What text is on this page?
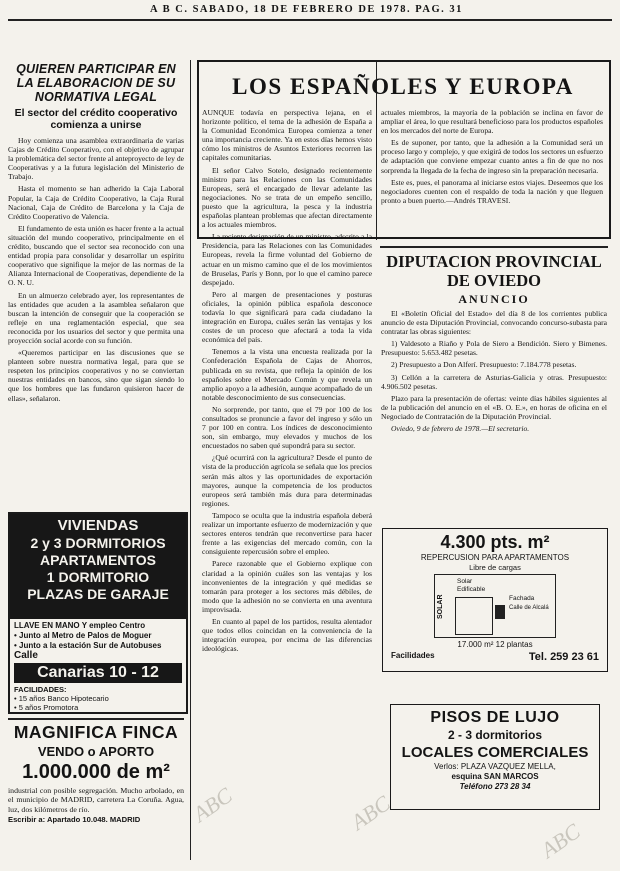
A B C. SABADO, 18 DE FEBRERO DE 1978. PAG. 31
QUIEREN PARTICIPAR EN LA ELABORACION DE SU NORMATIVA LEGAL
El sector del crédito cooperativo comienza a unirse

Hoy comienza una asamblea extraordinaria de varias Cajas de Crédito Cooperativo, con el objetivo de agrupar la problemática del sector frente al anteproyecto de ley de Cooperativas y a la futura legislación del Ministerio de Trabajo.

Hasta el momento se han adherido la Caja Laboral Popular, la Caja de Crédito Cooperativo, la Caja Rural Nacional, Caja de Crédito de Barcelona y la Caja de Crédito Cooperativo de Valencia.

El fundamento de esta unión es hacer frente a la actual situación del mundo cooperativo, principalmente en el crédito, buscando que el sector sea reconocido con una entidad propia para consolidar y desarrollar un espíritu cooperativo que signifique la mejor de las normas de la Alianza Internacional de Cooperativas, dependiente de la O. N. U.

En un almuerzo celebrado ayer, los representantes de las entidades que acuden a la asamblea señalaron que buscan la intención de conseguir que la cooperación se refleje en una reglamentación especial, que sea reconocida por los usuarios del sector y que permita una proyección social acorde con su función.

«Queremos participar en las discusiones que se planteen sobre nuestra normativa legal, para que se respeten los principios cooperativos y no se conviertan nuestras entidades en bancos, sino que sigan siendo lo que los hombres que las fundaron quisieron hacer de ellas», señalaron.

VIVIENDAS
2 y 3 DORMITORIOS
APARTAMENTOS
1 DORMITORIO
PLAZAS DE GARAJE
LLAVE EN MANO Y empleo Centro
• Junto al Metro de Palos de Moguer
• Junto a la estación Sur de Autobuses
Calle
Canarias 10 - 12
FACILIDADES:
• 15 años Banco Hipotecario
• 5 años Promotora
MAGNIFICA FINCA
VENDO o APORTO
1.000.000 de m²
industrial con posible segregación. Mucho arbolado, en el municipio de MADRID, carretera La Coruña. Agua, luz, dos kilómetros de río.
Escribir a: Apartado 10.048. MADRID
LOS ESPAÑOLES Y EUROPA

AUNQUE todavía en perspectiva lejana, en el horizonte político, el tema de la adhesión de España a la Comunidad Económica Europea comienza a tener una importancia creciente. Ya en estos días hemos visto cómo los ministros de Asuntos Exteriores recorren las capitales comunitarias.

El señor Calvo Sotelo, designado recientemente ministro para las Relaciones con las Comunidades Europeas, será el encargado de llevar adelante las negociaciones. No se trata de un empeño sencillo, puesto que la agricultura, la pesca y la industria españolas plantean problemas que afectan directamente a los actuales miembros.

La reciente designación de un ministro, adscrito a la Presidencia, para las Relaciones con las Comunidades Europeas, revela la firme voluntad del Gobierno de actuar en un mismo camino que el de los movimientos de Bruselas, París y Bonn, por lo que el camino parece despejado.

Pero al margen de presentaciones y posturas oficiales, la opinión pública española desconoce todavía lo que significará para cada ciudadano la integración en Europa, cuáles serán las ventajas y los costes de un proceso que afectará a toda la vida económica del país.

Tenemos a la vista una encuesta realizada por la Confederación Española de Cajas de Ahorros, publicada en su revista, que refleja la opinión de los españoles sobre el Mercado Común y que revela un amplio apoyo a la adhesión, aunque acompañado de un notable desconocimiento de sus consecuencias.

No sorprende, por tanto, que el 79 por 100 de los consultados se pronuncie a favor del ingreso y sólo un 7 por 100 en contra. Los índices de desconocimiento son, sin embargo, muy elevados y muchos de los encuestados no saben qué supondrá para su sector.

¿Qué ocurrirá con la agricultura? Desde el punto de vista de la producción agrícola se señala que los precios serán más altos y las oportunidades de exportación mayores, aunque la competencia de los productos europeos será también más dura para determinadas regiones.

Tampoco se oculta que la industria española deberá realizar un importante esfuerzo de modernización y que sectores enteros tendrán que reconvertirse para hacer frente a las exigencias del mercado común, con la consiguiente repercusión sobre el empleo.

Parece razonable que el Gobierno explique con claridad a la opinión cuáles son las ventajas y los inconvenientes de la integración y qué medidas se tomarán para proteger a los sectores más débiles, de modo que la adhesión no se convierta en una aventura improvisada.

En cuanto al papel de los partidos, resulta alentador que todos ellos coincidan en la conveniencia de la integración europea, por encima de las diferencias ideológicas.

actuales miembros, la mayoría de la población se inclina en favor de ampliar el área, lo que resultará beneficioso para los productos españoles en los mercados del norte de Europa.

Es de suponer, por tanto, que la adhesión a la Comunidad será un proceso largo y complejo, y que exigirá de todos los sectores un esfuerzo de adaptación que conviene empezar cuanto antes a fin de que no nos sorprenda la llegada de la fecha de ingreso sin la preparación necesaria.

Este es, pues, el panorama al iniciarse estos viajes. Deseemos que los negociadores cuenten con el respaldo de toda la nación y que lleguen pronto a buen puerto.—Andrés TRAVESI.

DIPUTACION PROVINCIAL DE OVIEDO
ANUNCIO

El «Boletín Oficial del Estado» del día 8 de los corrientes publica anuncio de esta Diputación Provincial, convocando concurso-subasta para contratar las obras siguientes:

1) Valdesoto a Riaño y Pola de Siero a Bendición. Siero y Bimenes. Presupuesto: 5.653.482 pesetas.

2) Presupuesto a Don Alferí. Presupuesto: 7.184.778 pesetas.

3) Cellón a la carretera de Asturias-Galicia y otras. Presupuesto: 4.906.502 pesetas.

Plazo para la presentación de ofertas: veinte días hábiles siguientes al de la publicación del anuncio en el «B. O. E.», en horas de oficina en el Negociado de Contratación de la Diputación Provincial.

Oviedo, 9 de febrero de 1978.—El secretario.

4.300 pts. m²
REPERCUSION PARA APARTAMENTOS
Libre de cargas
Solar
Edificable
SOLAR	Fachada
Calle de Alcalá
17.000 m² 12 plantas
Facilidades	Tel. 259 23 61
PISOS DE LUJO
2 - 3 dormitorios
LOCALES COMERCIALES
Verlos: PLAZA VAZQUEZ MELLA,
esquina SAN MARCOS
Teléfono 273 28 34
ABC	ABC
ABC
